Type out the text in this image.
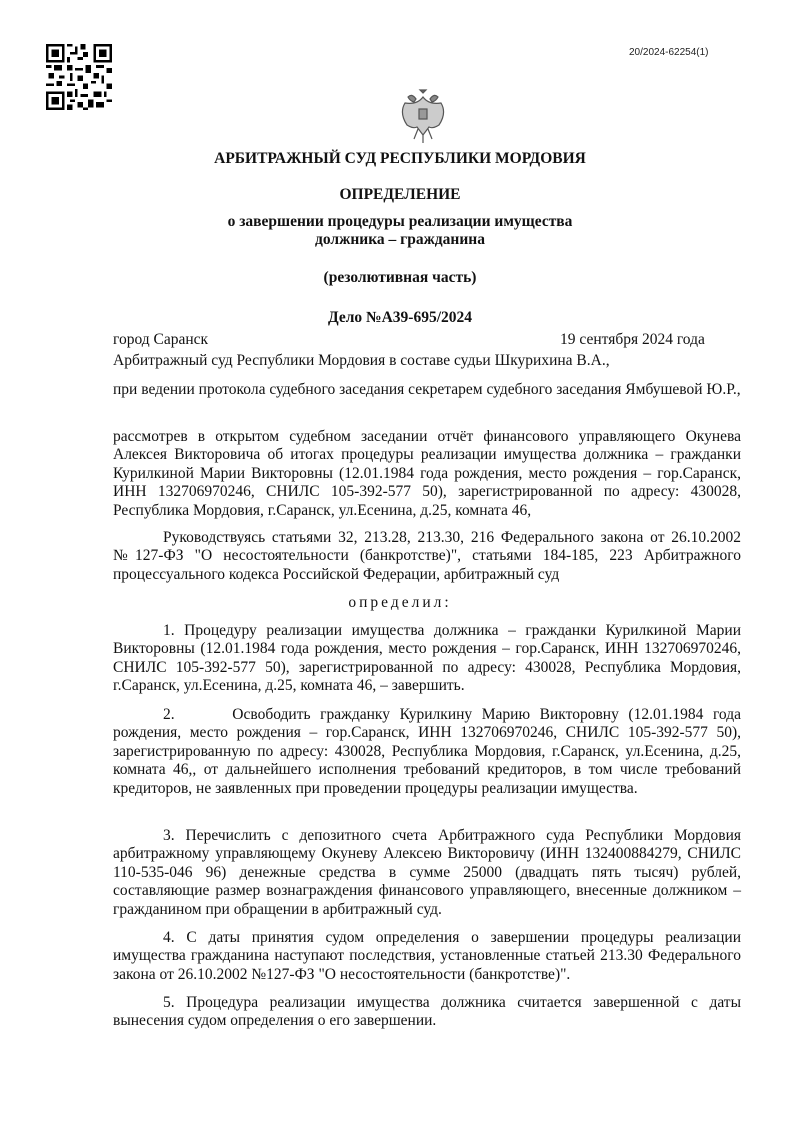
20/2024-62254(1)
АРБИТРАЖНЫЙ СУД РЕСПУБЛИКИ МОРДОВИЯ
ОПРЕДЕЛЕНИЕ
о завершении процедуры реализации имущества
должника – гражданина
(резолютивная часть)
Дело №А39-695/2024
город Саранск	19 сентября 2024 года
Арбитражный суд Республики Мордовия в составе судьи Шкурихина В.А.,
при ведении протокола судебного заседания секретарем судебного заседания Ямбушевой Ю.Р.,
рассмотрев в открытом судебном заседании отчёт финансового управляющего Окунева Алексея Викторовича об итогах процедуры реализации имущества должника – гражданки Курилкиной Марии Викторовны (12.01.1984 года рождения, место рождения – гор.Саранск, ИНН 132706970246, СНИЛС 105-392-577 50), зарегистрированной по адресу: 430028, Республика Мордовия, г.Саранск, ул.Есенина, д.25, комната 46,
Руководствуясь статьями 32, 213.28, 213.30, 216 Федерального закона от 26.10.2002 №127-ФЗ "О несостоятельности (банкротстве)", статьями 184-185, 223 Арбитражного процессуального кодекса Российской Федерации, арбитражный суд
определил:
1. Процедуру реализации имущества должника – гражданки Курилкиной Марии Викторовны (12.01.1984 года рождения, место рождения – гор.Саранск, ИНН 132706970246, СНИЛС 105-392-577 50), зарегистрированной по адресу: 430028, Республика Мордовия, г.Саранск, ул.Есенина, д.25, комната 46, – завершить.
2.      Освободить гражданку Курилкину Марию Викторовну (12.01.1984 года рождения, место рождения – гор.Саранск, ИНН 132706970246, СНИЛС 105-392-577 50), зарегистрированную по адресу: 430028, Республика Мордовия, г.Саранск, ул.Есенина, д.25, комната 46,, от дальнейшего исполнения требований кредиторов, в том числе требований кредиторов, не заявленных при проведении процедуры реализации имущества.
3. Перечислить с депозитного счета Арбитражного суда Республики Мордовия арбитражному управляющему Окуневу Алексею Викторовичу (ИНН 132400884279, СНИЛС 110-535-046 96) денежные средства в сумме 25000 (двадцать пять тысяч) рублей, составляющие размер вознаграждения финансового управляющего, внесенные должником – гражданином при обращении в арбитражный суд.
4. С даты принятия судом определения о завершении процедуры реализации имущества гражданина наступают последствия, установленные статьей 213.30 Федерального закона от 26.10.2002 №127-ФЗ "О несостоятельности (банкротстве)".
5. Процедура реализации имущества должника считается завершенной с даты вынесения судом определения о его завершении.
